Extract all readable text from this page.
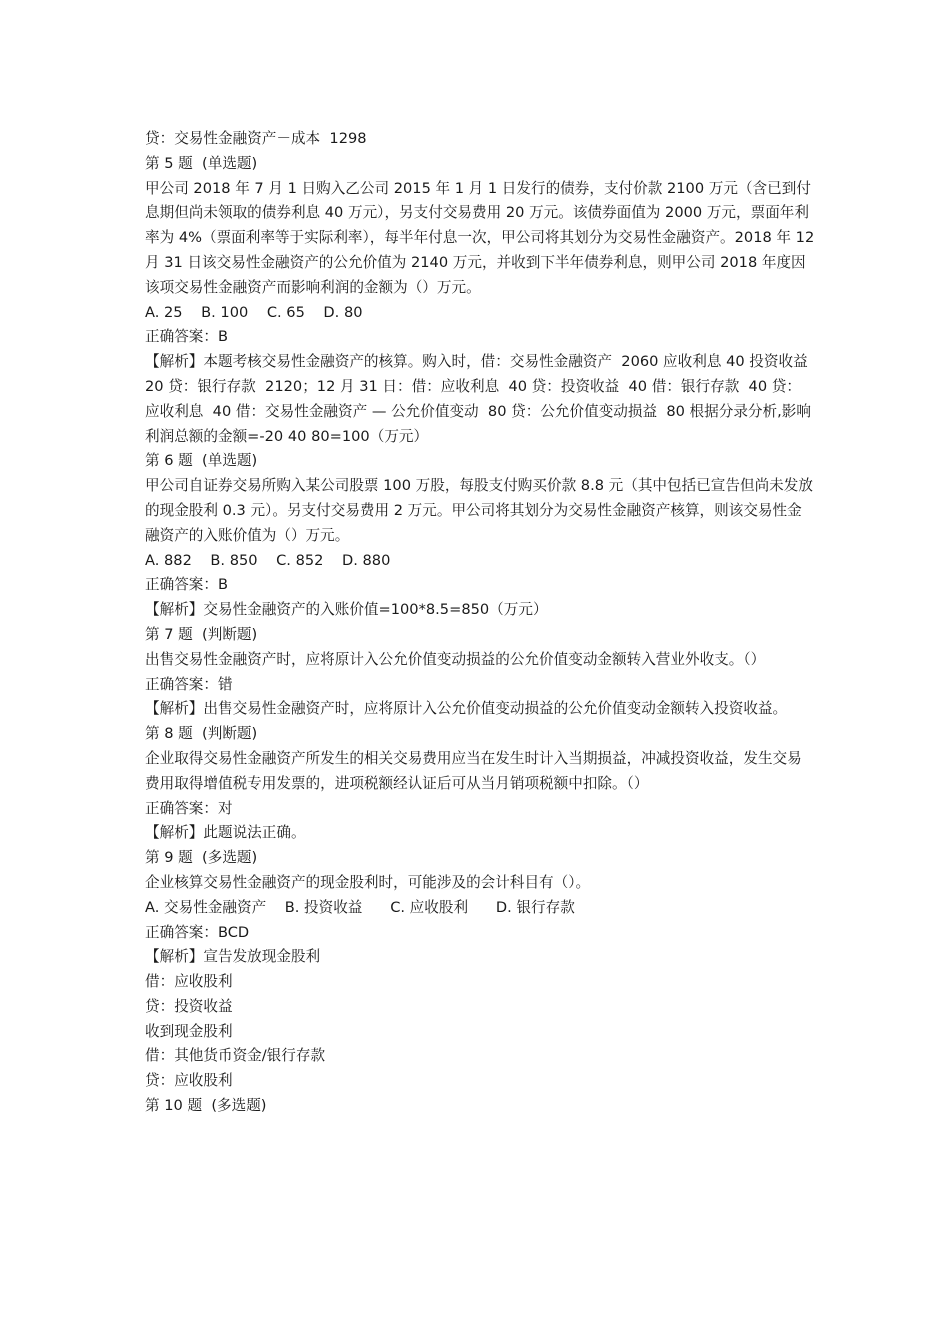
贷：交易性金融资产－成本  1298
第 5 题  (单选题)
甲公司 2018 年 7 月 1 日购入乙公司 2015 年 1 月 1 日发行的债券，支付价款 2100 万元（含已到付息期但尚未领取的债券利息 40 万元），另支付交易费用 20 万元。该债券面值为 2000 万元，票面年利率为 4%（票面利率等于实际利率），每半年付息一次，甲公司将其划分为交易性金融资产。2018 年 12 月 31 日该交易性金融资产的公允价值为 2140 万元，并收到下半年债券利息，则甲公司 2018 年度因该项交易性金融资产而影响利润的金额为（）万元。
A. 25    B. 100    C. 65    D. 80
正确答案：B
【解析】本题考核交易性金融资产的核算。购入时，借：交易性金融资产  2060 应收利息 40 投资收益  20 贷：银行存款  2120；12 月 31 日：借：应收利息  40 贷：投资收益  40 借：银行存款  40 贷：应收利息  40 借：交易性金融资产 — 公允价值变动  80 贷：公允价值变动损益  80 根据分录分析,影响利润总额的金额=-20 40 80=100（万元）
第 6 题  (单选题)
甲公司自证券交易所购入某公司股票 100 万股，每股支付购买价款 8.8 元（其中包括已宣告但尚未发放的现金股利 0.3 元）。另支付交易费用 2 万元。甲公司将其划分为交易性金融资产核算，则该交易性金融资产的入账价值为（）万元。
A. 882    B. 850    C. 852    D. 880
正确答案：B
【解析】交易性金融资产的入账价值=100*8.5=850（万元）
第 7 题  (判断题)
出售交易性金融资产时，应将原计入公允价值变动损益的公允价值变动金额转入营业外收支。（）
正确答案：错
【解析】出售交易性金融资产时，应将原计入公允价值变动损益的公允价值变动金额转入投资收益。
第 8 题  (判断题)
企业取得交易性金融资产所发生的相关交易费用应当在发生时计入当期损益，冲减投资收益，发生交易费用取得增值税专用发票的，进项税额经认证后可从当月销项税额中扣除。（）
正确答案：对
【解析】此题说法正确。
第 9 题  (多选题)
企业核算交易性金融资产的现金股利时，可能涉及的会计科目有（）。
A. 交易性金融资产    B. 投资收益      C. 应收股利      D. 银行存款
正确答案：BCD
【解析】宣告发放现金股利
借：应收股利
贷：投资收益
收到现金股利
借：其他货币资金/银行存款
贷：应收股利
第 10 题  (多选题)
